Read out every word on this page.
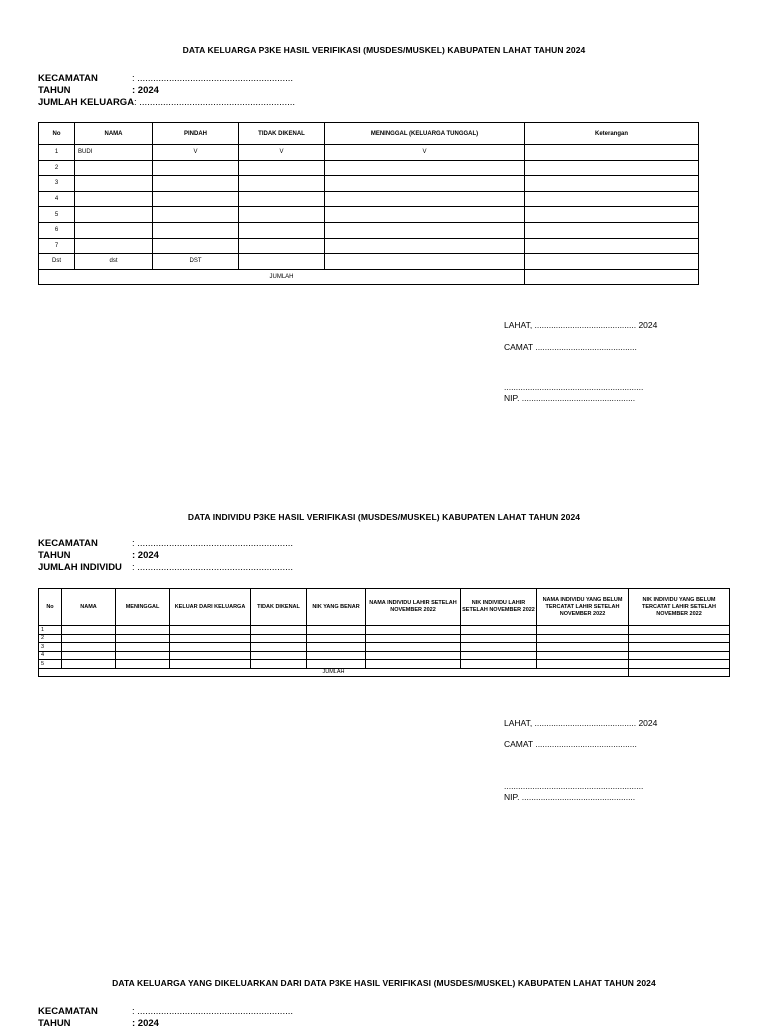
DATA KELUARGA P3KE HASIL VERIFIKASI (MUSDES/MUSKEL) KABUPATEN LAHAT TAHUN 2024
KECAMATAN	: ...........................................................
TAHUN	: 2024
JUMLAH KELUARGA : ...........................................................
No	NAMA	PINDAH	TIDAK DIKENAL	MENINGGAL (KELUARGA TUNGGAL)	Keterangan
1	BUDI	V	V	V	
2					
3					
4					
5					
6					
7					
Dst	dst	DST			
JUMLAH					
LAHAT, ........................................... 2024
CAMAT ...........................................
...........................................................
NIP. ................................................
DATA INDIVIDU P3KE HASIL VERIFIKASI (MUSDES/MUSKEL) KABUPATEN LAHAT TAHUN 2024
KECAMATAN	: ...........................................................
TAHUN	: 2024
JUMLAH INDIVIDU : ...........................................................
No	NAMA	MENINGGAL	KELUAR DARI KELUARGA	TIDAK DIKENAL	NIK YANG BENAR	NAMA INDIVIDU LAHIR SETELAH NOVEMBER 2022	NIK INDIVIDU LAHIR SETELAH NOVEMBER 2022	NAMA INDIVIDU YANG BELUM TERCATAT LAHIR SETELAH NOVEMBER 2022	NIK INDIVIDU YANG BELUM TERCATAT LAHIR SETELAH NOVEMBER 2022
1									
2									
3									
4									
5									
JUMLAH									
LAHAT, ........................................... 2024
CAMAT ...........................................
...........................................................
NIP. ................................................
DATA KELUARGA YANG DIKELUARKAN DARI DATA P3KE HASIL VERIFIKASI (MUSDES/MUSKEL) KABUPATEN LAHAT TAHUN 2024
KECAMATAN	: ...........................................................
TAHUN	: 2024
